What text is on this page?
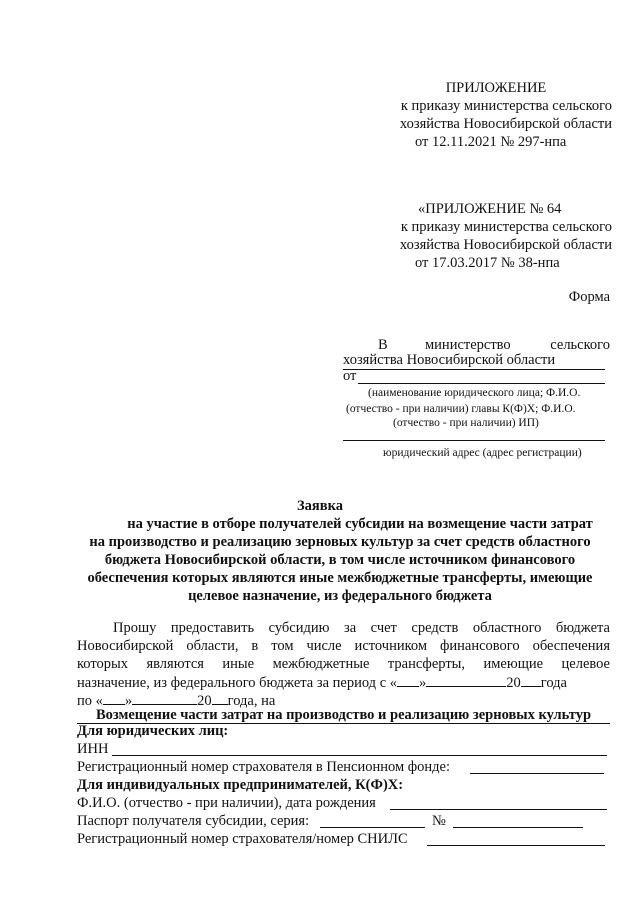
ПРИЛОЖЕНИЕ
к приказу министерства сельского
хозяйства Новосибирской области
от 12.11.2021 № 297-нпа
«ПРИЛОЖЕНИЕ № 64
к приказу министерства сельского
хозяйства Новосибирской области
от 17.03.2017 № 38-нпа
Форма
В	министерство	сельского
хозяйства Новосибирской области
от
(наименование юридического лица; Ф.И.О.
(отчество - при наличии) главы К(Ф)Х; Ф.И.О.
(отчество - при наличии) ИП)
юридический адрес (адрес регистрации)
Заявка
на участие в отборе получателей субсидии на возмещение части затрат
на производство и реализацию зерновых культур за счет средств областного
бюджета Новосибирской области, в том числе источником финансового
обеспечения которых являются иные межбюджетные трансферты, имеющие
целевое назначение, из федерального бюджета
Прошу предоставить субсидию за счет средств областного бюджета
Новосибирской области, в том числе источником финансового обеспечения
которых являются иные межбюджетные трансферты, имеющие целевое
назначение, из федерального бюджета за период с « »	20 года
по « »	20 года, на
Возмещение части затрат на производство и реализацию зерновых культур
Для юридических лиц:
ИНН
Регистрационный номер страхователя в Пенсионном фонде:
Для индивидуальных предпринимателей, К(Ф)Х:
Ф.И.О. (отчество - при наличии), дата рождения
Паспорт получателя субсидии, серия:	№
Регистрационный номер страхователя/номер СНИЛС
